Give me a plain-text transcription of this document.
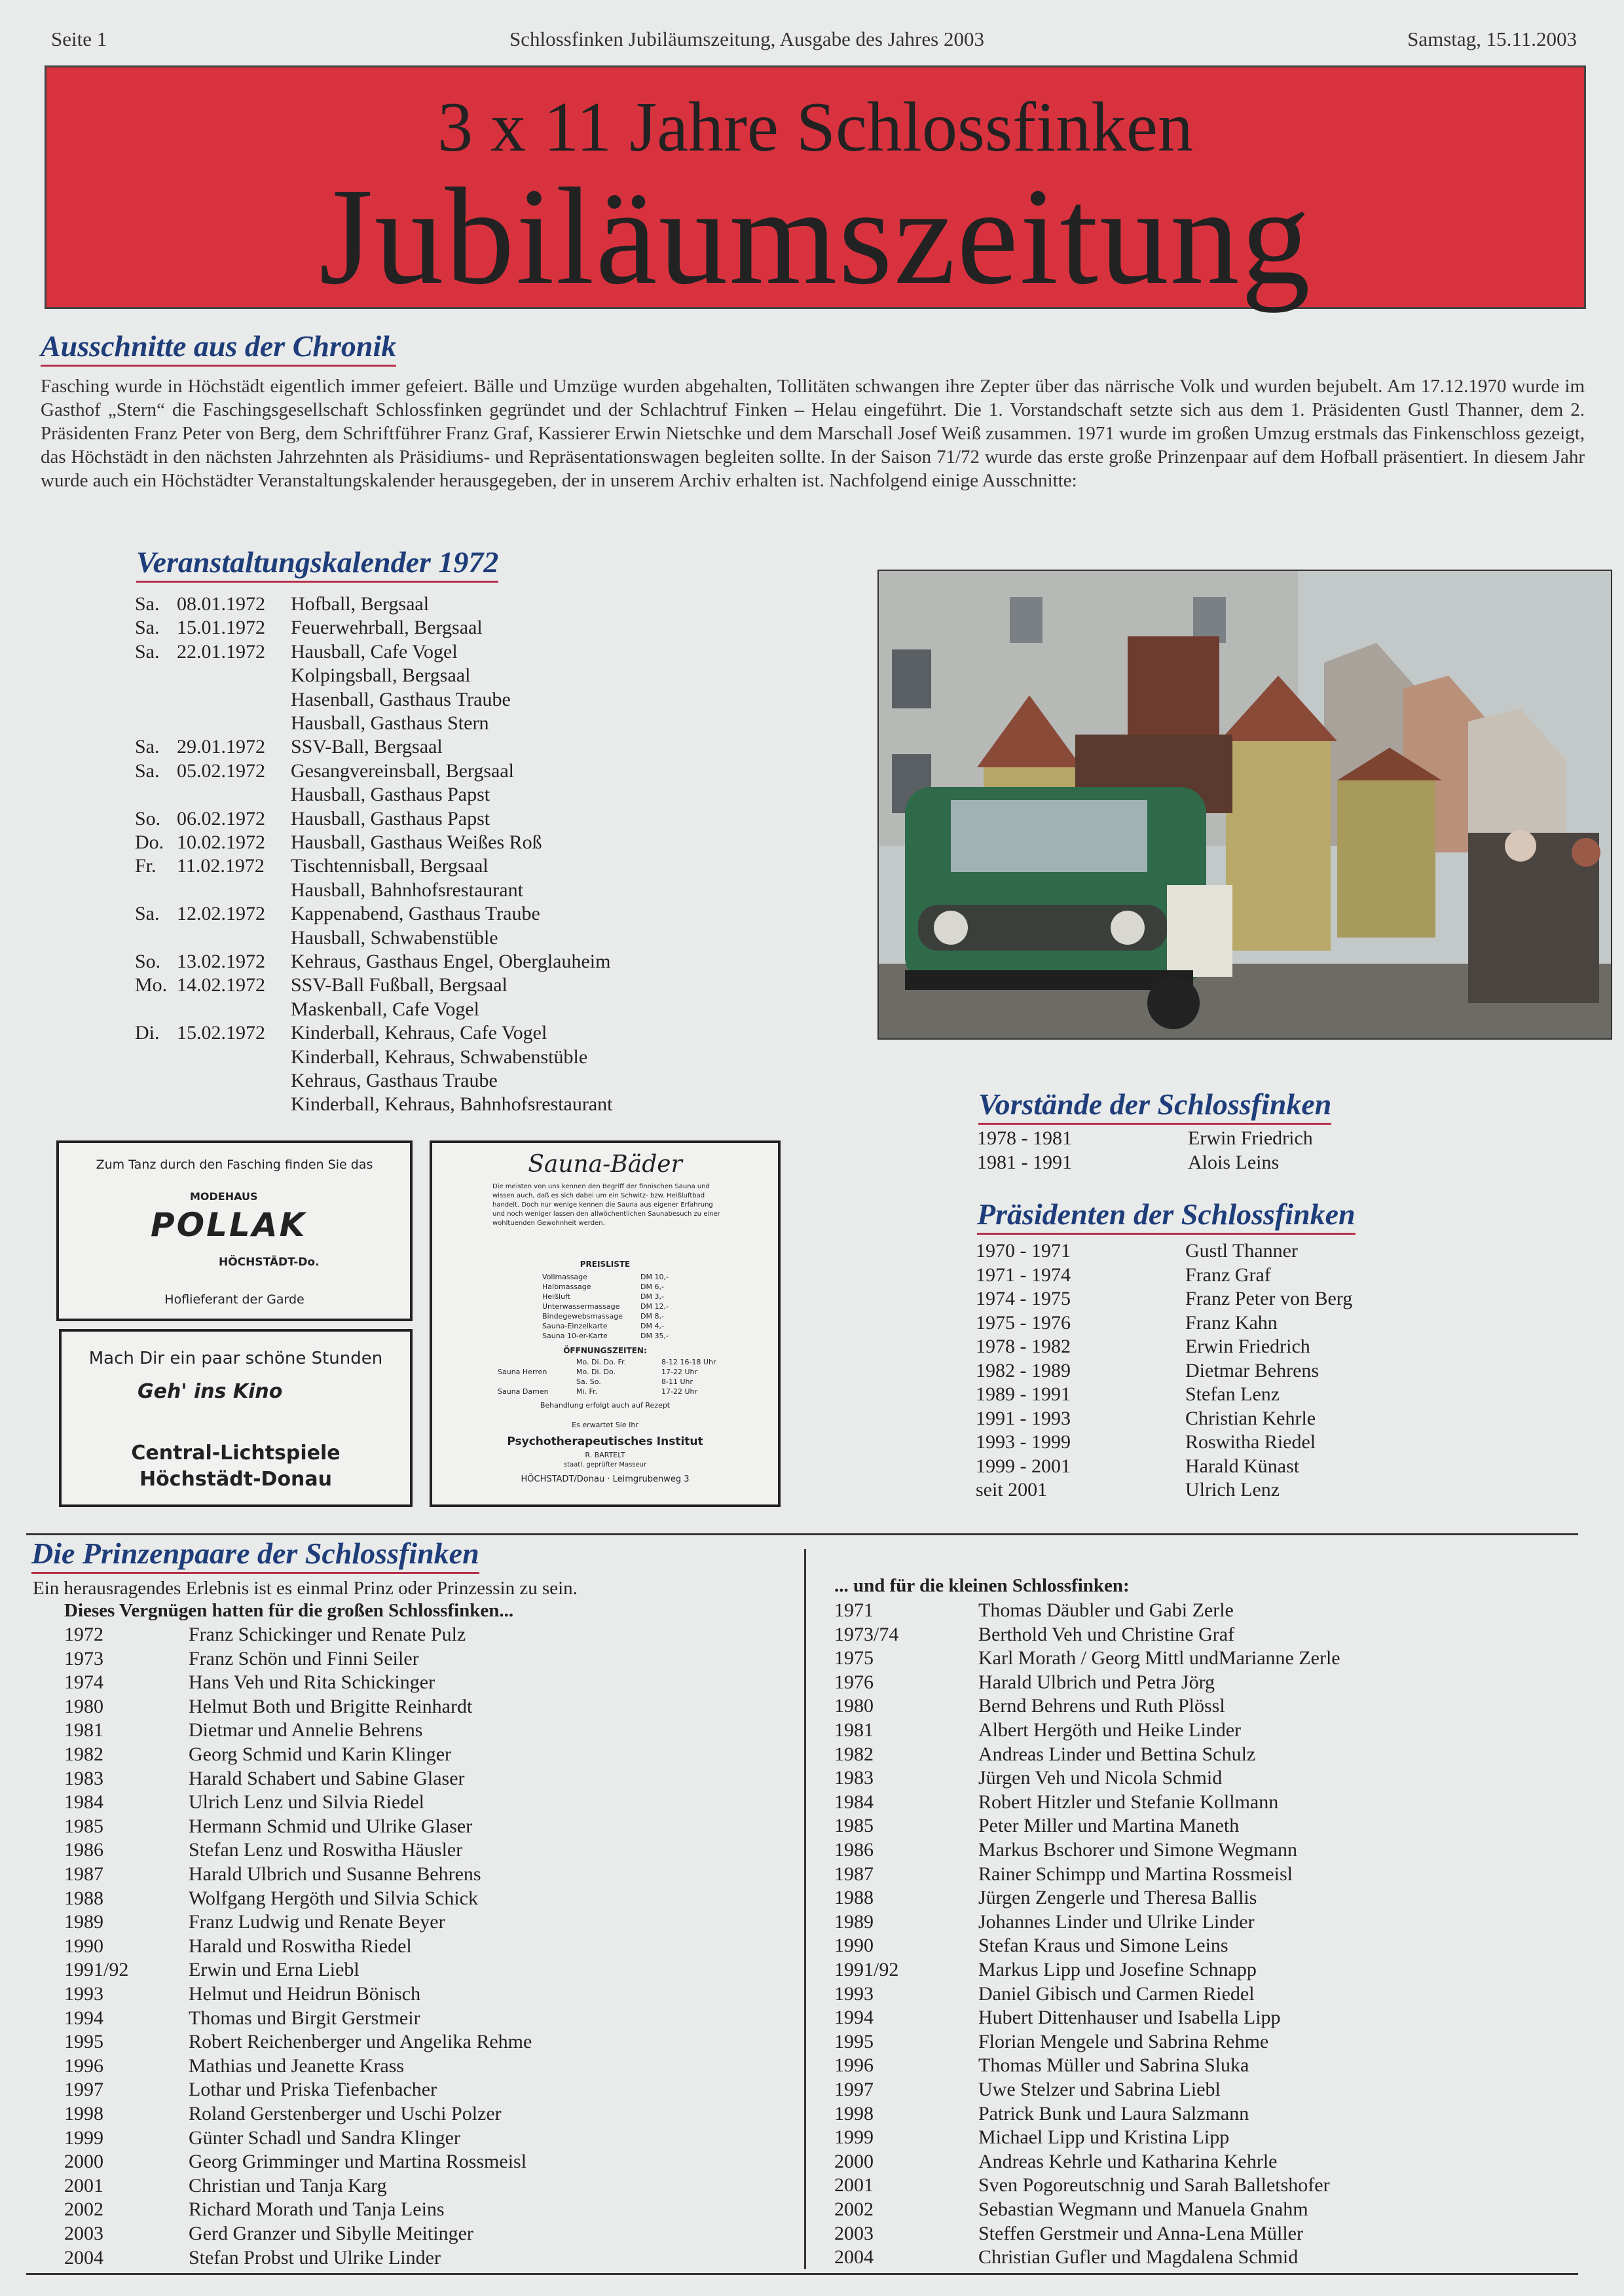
Seite 1	Schlossfinken Jubiläumszeitung, Ausgabe des Jahres 2003	Samstag, 15.11.2003
3 x 11 Jahre Schlossfinken
Jubiläumszeitung
Ausschnitte aus der Chronik
Fasching wurde in Höchstädt eigentlich immer gefeiert. Bälle und Umzüge wurden abgehalten, Tollitäten schwangen ihre Zepter über das närrische Volk und wurden bejubelt. Am 17.12.1970 wurde im Gasthof „Stern“ die Faschingsgesellschaft Schlossfinken gegründet und der Schlachtruf Finken – Helau eingeführt. Die 1. Vorstandschaft setzte sich aus dem 1. Präsidenten Gustl Thanner, dem 2. Präsidenten Franz Peter von Berg, dem Schriftführer Franz Graf, Kassierer Erwin Nietschke und dem Marschall Josef Weiß zusammen. 1971 wurde im großen Umzug erstmals das Finkenschloss gezeigt, das Höchstädt in den nächsten Jahrzehnten als Präsidiums- und Repräsentationswagen begleiten sollte. In der Saison 71/72 wurde das erste große Prinzenpaar auf dem Hofball präsentiert. In diesem Jahr wurde auch ein Höchstädter Veranstaltungskalender herausgegeben, der in unserem Archiv erhalten ist. Nachfolgend einige Ausschnitte:
Veranstaltungskalender 1972
Sa. 08.01.1972 Hofball, Bergsaal
Sa. 15.01.1972 Feuerwehrball, Bergsaal
Sa. 22.01.1972 Hausball, Cafe Vogel
Kolpingsball, Bergsaal
Hasenball, Gasthaus Traube
Hausball, Gasthaus Stern
Sa. 29.01.1972 SSV-Ball, Bergsaal
Sa. 05.02.1972 Gesangvereinsball, Bergsaal
Hausball, Gasthaus Papst
So. 06.02.1972 Hausball, Gasthaus Papst
Do. 10.02.1972 Hausball, Gasthaus Weißes Roß
Fr. 11.02.1972 Tischtennisball, Bergsaal
Hausball, Bahnhofsrestaurant
Sa. 12.02.1972 Kappenabend, Gasthaus Traube
Hausball, Schwabenstüble
So. 13.02.1972 Kehraus, Gasthaus Engel, Oberglauheim
Mo. 14.02.1972 SSV-Ball Fußball, Bergsaal
Maskenball, Cafe Vogel
Di. 15.02.1972 Kinderball, Kehraus, Cafe Vogel
Kinderball, Kehraus, Schwabenstüble
Kehraus, Gasthaus Traube
Kinderball, Kehraus, Bahnhofsrestaurant
Zum Tanz durch den Fasching finden Sie das
MODEHAUS
POLLAK
HÖCHSTÄDT-Do.
Hoflieferant der Garde
Mach Dir ein paar schöne Stunden
Geh' ins Kino
Central-Lichtspiele
Höchstädt-Donau
Sauna-Bäder
Die meisten von uns kennen den Begriff der finnischen Sauna und wissen auch, daß es sich dabei um ein Schwitz- bzw. Heißluftbad handelt. Doch nur wenige kennen die Sauna aus eigener Erfahrung und noch weniger lassen den allwöchentlichen Saunabesuch zu einer wohltuenden Gewohnheit werden.
PREISLISTE
Vollmassage	DM 10,-
Halbmassage	DM 6,-
Heißluft	DM 3,-
Unterwassermassage	DM 12,-
Bindegewebsmassage DM 8,-
Sauna-Einzelkarte	DM 4,-
Sauna 10-er-Karte	DM 35,-
ÖFFNUNGSZEITEN:
Mo. Di. Do. Fr.	8-12 16-18 Uhr
Sauna Herren	Mo. Di. Do.	17-22 Uhr
Sa. So.	8-11 Uhr
Sauna Damen	Mi. Fr.	17-22 Uhr
Behandlung erfolgt auch auf Rezept
Es erwartet Sie Ihr
Psychotherapeutisches Institut
R. BARTELT
staatl. geprüfter Masseur
HÖCHSTADT/Donau · Leimgrubenweg 3
Vorstände der Schlossfinken
1978 - 1981	Erwin Friedrich
1981 - 1991	Alois Leins
Präsidenten der Schlossfinken
1970 - 1971	Gustl Thanner
1971 - 1974	Franz Graf
1974 - 1975	Franz Peter von Berg
1975 - 1976	Franz Kahn
1978 - 1982	Erwin Friedrich
1982 - 1989	Dietmar Behrens
1989 - 1991	Stefan Lenz
1991 - 1993	Christian Kehrle
1993 - 1999	Roswitha Riedel
1999 - 2001	Harald Künast
seit 2001	Ulrich Lenz
Die Prinzenpaare der Schlossfinken
Ein herausragendes Erlebnis ist es einmal Prinz oder Prinzessin zu sein.
Dieses Vergnügen hatten für die großen Schlossfinken...
... und für die kleinen Schlossfinken:
1972	Franz Schickinger und Renate Pulz
1973	Franz Schön und Finni Seiler
1974	Hans Veh und Rita Schickinger
1980	Helmut Both und Brigitte Reinhardt
1981	Dietmar und Annelie Behrens
1982	Georg Schmid und Karin Klinger
1983	Harald Schabert und Sabine Glaser
1984	Ulrich Lenz und Silvia Riedel
1985	Hermann Schmid und Ulrike Glaser
1986	Stefan Lenz und Roswitha Häusler
1987	Harald Ulbrich und Susanne Behrens
1988	Wolfgang Hergöth und Silvia Schick
1989	Franz Ludwig und Renate Beyer
1990	Harald und Roswitha Riedel
1991/92	Erwin und Erna Liebl
1993	Helmut und Heidrun Bönisch
1994	Thomas und Birgit Gerstmeir
1995	Robert Reichenberger und Angelika Rehme
1996	Mathias und Jeanette Krass
1997	Lothar und Priska Tiefenbacher
1998	Roland Gerstenberger und Uschi Polzer
1999	Günter Schadl und Sandra Klinger
2000	Georg Grimminger und Martina Rossmeisl
2001	Christian und Tanja Karg
2002	Richard Morath und Tanja Leins
2003	Gerd Granzer und Sibylle Meitinger
2004	Stefan Probst und Ulrike Linder
1971	Thomas Däubler und Gabi Zerle
1973/74	Berthold Veh und Christine Graf
1975	Karl Morath / Georg Mittl undMarianne Zerle
1976	Harald Ulbrich und Petra Jörg
1980	Bernd Behrens und Ruth Plössl
1981	Albert Hergöth und Heike Linder
1982	Andreas Linder und Bettina Schulz
1983	Jürgen Veh und Nicola Schmid
1984	Robert Hitzler und Stefanie Kollmann
1985	Peter Miller und Martina Maneth
1986	Markus Bschorer und Simone Wegmann
1987	Rainer Schimpp und Martina Rossmeisl
1988	Jürgen Zengerle und Theresa Ballis
1989	Johannes Linder und Ulrike Linder
1990	Stefan Kraus und Simone Leins
1991/92	Markus Lipp und Josefine Schnapp
1993	Daniel Gibisch und Carmen Riedel
1994	Hubert Dittenhauser und Isabella Lipp
1995	Florian Mengele und Sabrina Rehme
1996	Thomas Müller und Sabrina Sluka
1997	Uwe Stelzer und Sabrina Liebl
1998	Patrick Bunk und Laura Salzmann
1999	Michael Lipp und Kristina Lipp
2000	Andreas Kehrle und Katharina Kehrle
2001	Sven Pogoreutschnig und Sarah Balletshofer
2002	Sebastian Wegmann und Manuela Gnahm
2003	Steffen Gerstmeir und Anna-Lena Müller
2004	Christian Gufler und Magdalena Schmid
